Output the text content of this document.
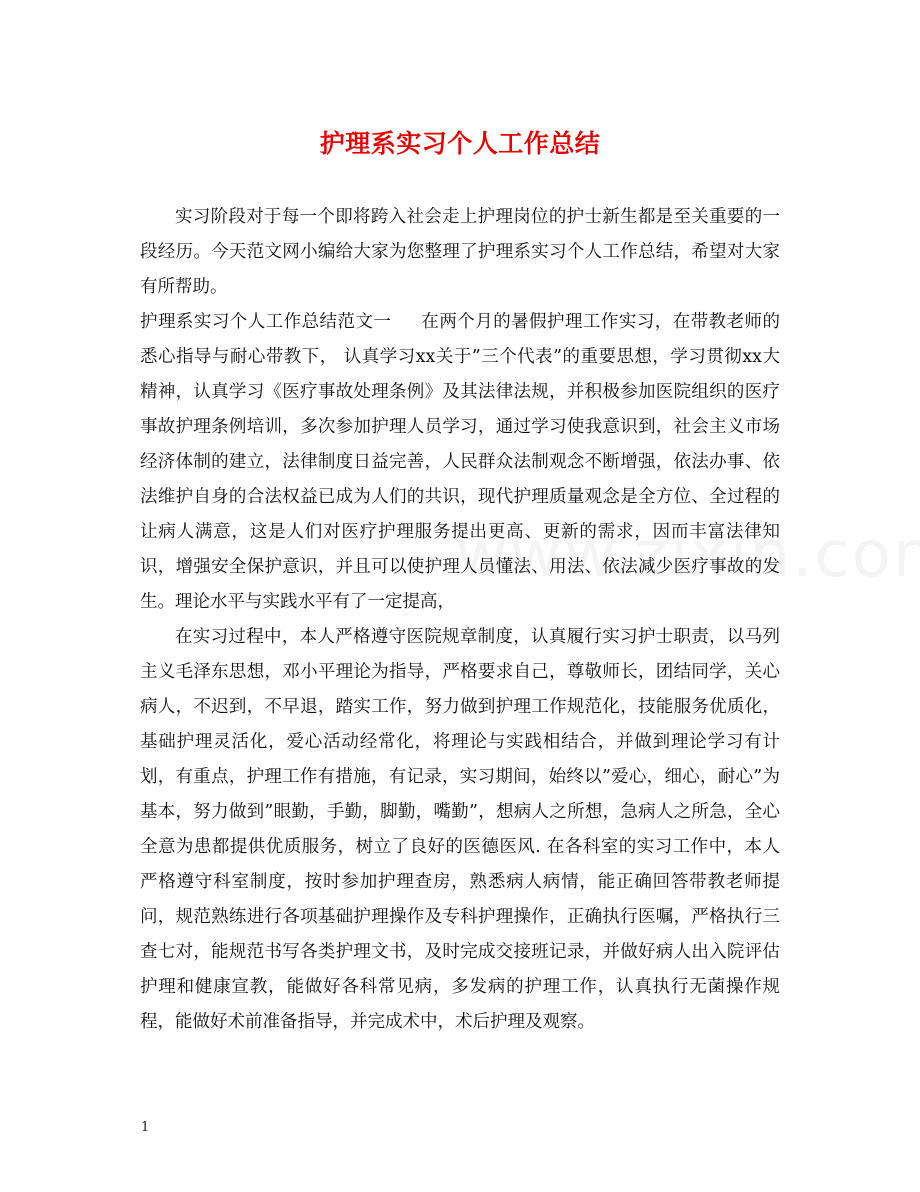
护理系实习个人工作总结

实习阶段对于每一个即将跨入社会走上护理岗位的护士新生都是至关重要的一段经历。今天范文网小编给大家为您整理了护理系实习个人工作总结，希望对大家有所帮助。

护理系实习个人工作总结范文一 在两个月的暑假护理工作实习，在带教老师的悉心指导与耐心带教下， 认真学习xx关于”三个代表”的重要思想，学习贯彻xx大精神，认真学习《医疗事故处理条例》及其法律法规，并积极参加医院组织的医疗事故护理条例培训，多次参加护理人员学习，通过学习使我意识到，社会主义市场经济体制的建立，法律制度日益完善，人民群众法制观念不断增强，依法办事、依法维护自身的合法权益已成为人们的共识，现代护理质量观念是全方位、全过程的让病人满意，这是人们对医疗护理服务提出更高、更新的需求，因而丰富法律知识，增强安全保护意识，并且可以使护理人员懂法、用法、依法减少医疗事故的发生。理论水平与实践水平有了一定提高，

在实习过程中，本人严格遵守医院规章制度，认真履行实习护士职责，以马列主义毛泽东思想，邓小平理论为指导，严格要求自己，尊敬师长，团结同学，关心病人，不迟到，不早退，踏实工作，努力做到护理工作规范化，技能服务优质化，基础护理灵活化，爱心活动经常化，将理论与实践相结合，并做到理论学习有计划，有重点，护理工作有措施，有记录，实习期间，始终以”爱心，细心，耐心”为基本，努力做到”眼勤，手勤，脚勤，嘴勤”，想病人之所想，急病人之所急，全心全意为患都提供优质服务，树立了良好的医德医风. 在各科室的实习工作中，本人严格遵守科室制度，按时参加护理查房，熟悉病人病情，能正确回答带教老师提问，规范熟练进行各项基础护理操作及专科护理操作，正确执行医嘱，严格执行三查七对，能规范书写各类护理文书，及时完成交接班记录，并做好病人出入院评估护理和健康宣教，能做好各科常见病，多发病的护理工作，认真执行无菌操作规程，能做好术前准备指导，并完成术中，术后护理及观察。

1
